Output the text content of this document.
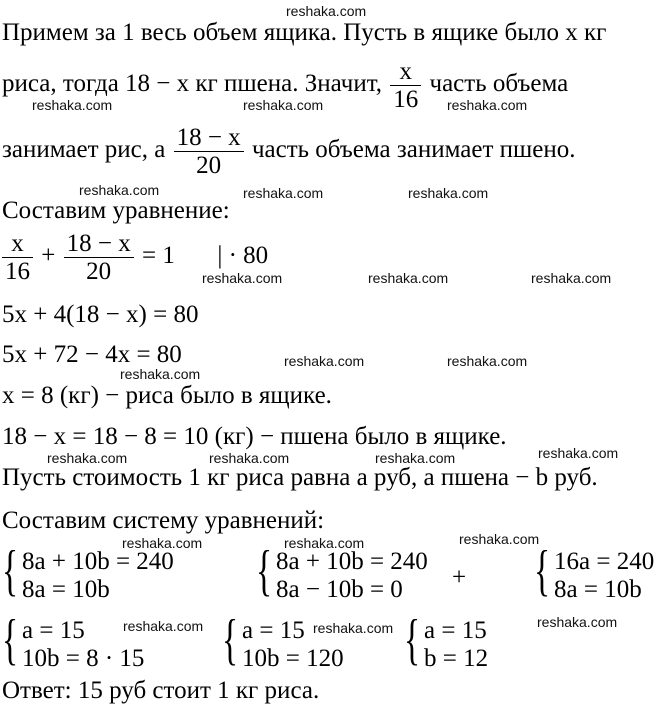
Примем за 1 весь объем ящика. Пусть в ящике было x кг
риса, тогда 18 − x кг пшена. Значит, $\frac{x}{16}$ часть объема
занимает рис, а $\frac{18 - x}{20}$ часть объема занимает пшено.
Составим уравнение:
$\frac{x}{16} + \frac{18 - x}{20} = 1$ | · 80
5x + 4(18 − x) = 80
5x + 72 − 4x = 80
x = 8 (кг) − риса было в ящике.
18 − x = 18 − 8 = 10 (кг) − пшена было в ящике.
Пусть стоимость 1 кг риса равна a руб, а пшена − b руб.
Составим систему уравнений:
{ 8a + 10b = 240
8a = 10b	{ 8a + 10b = 240
8a − 10b = 0 + { 16a = 240
8a = 10b
{ a = 15
10b = 8 · 15 { a = 15
10b = 120 { a = 15
b = 12
Ответ: 15 руб стоит 1 кг риса.
reshaka.com
reshaka.com	reshaka.com	reshaka.com
reshaka.com	reshaka.com	reshaka.com
reshaka.com	reshaka.com	reshaka.com
reshaka.com	reshaka.com
reshaka.com
reshaka.com	reshaka.com	reshaka.com	reshaka.com
reshaka.com	reshaka.com	reshaka.com
reshaka.com	reshaka.com	reshaka.com
